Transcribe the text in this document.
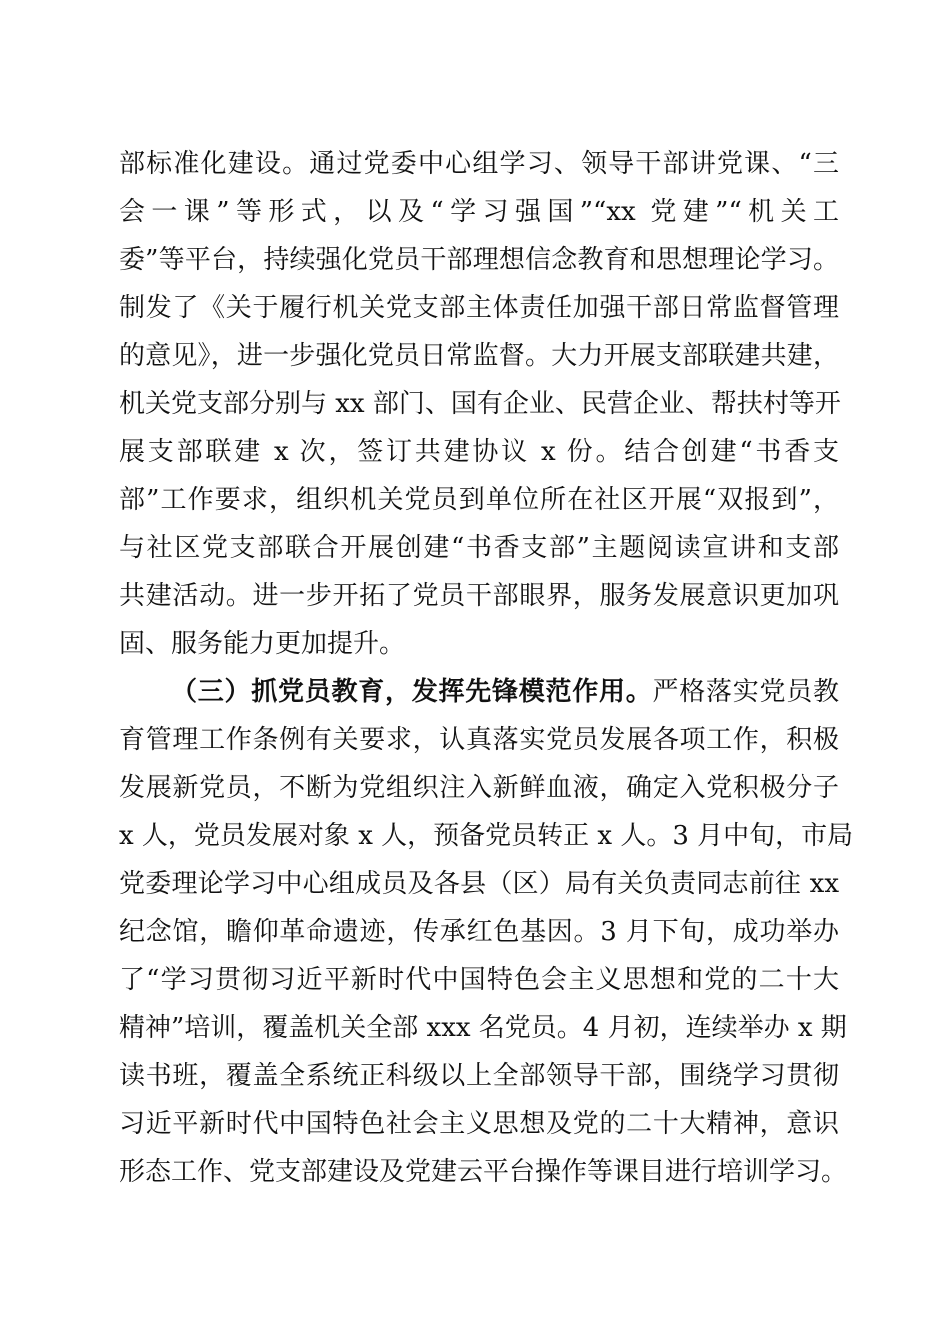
部标准化建设。通过党委中心组学习、领导干部讲党课、“三
会一课”等形式，以及“学习强国”“xx 党建”“机关工
委”等平台，持续强化党员干部理想信念教育和思想理论学习。
制发了《关于履行机关党支部主体责任加强干部日常监督管理
的意见》，进一步强化党员日常监督。大力开展支部联建共建，
机关党支部分别与 xx 部门、国有企业、民营企业、帮扶村等开
展支部联建 x 次，签订共建协议 x 份。结合创建“书香支
部”工作要求，组织机关党员到单位所在社区开展“双报到”，
与社区党支部联合开展创建“书香支部”主题阅读宣讲和支部
共建活动。进一步开拓了党员干部眼界，服务发展意识更加巩
固、服务能力更加提升。
（三）抓党员教育，发挥先锋模范作用。严格落实党员教
育管理工作条例有关要求，认真落实党员发展各项工作，积极
发展新党员，不断为党组织注入新鲜血液，确定入党积极分子
x 人，党员发展对象 x 人，预备党员转正 x 人。3 月中旬，市局
党委理论学习中心组成员及各县（区）局有关负责同志前往 xx
纪念馆，瞻仰革命遗迹，传承红色基因。3 月下旬，成功举办
了“学习贯彻习近平新时代中国特色会主义思想和党的二十大
精神”培训，覆盖机关全部 xxx 名党员。4 月初，连续举办 x 期
读书班，覆盖全系统正科级以上全部领导干部，围绕学习贯彻
习近平新时代中国特色社会主义思想及党的二十大精神，意识
形态工作、党支部建设及党建云平台操作等课目进行培训学习。
